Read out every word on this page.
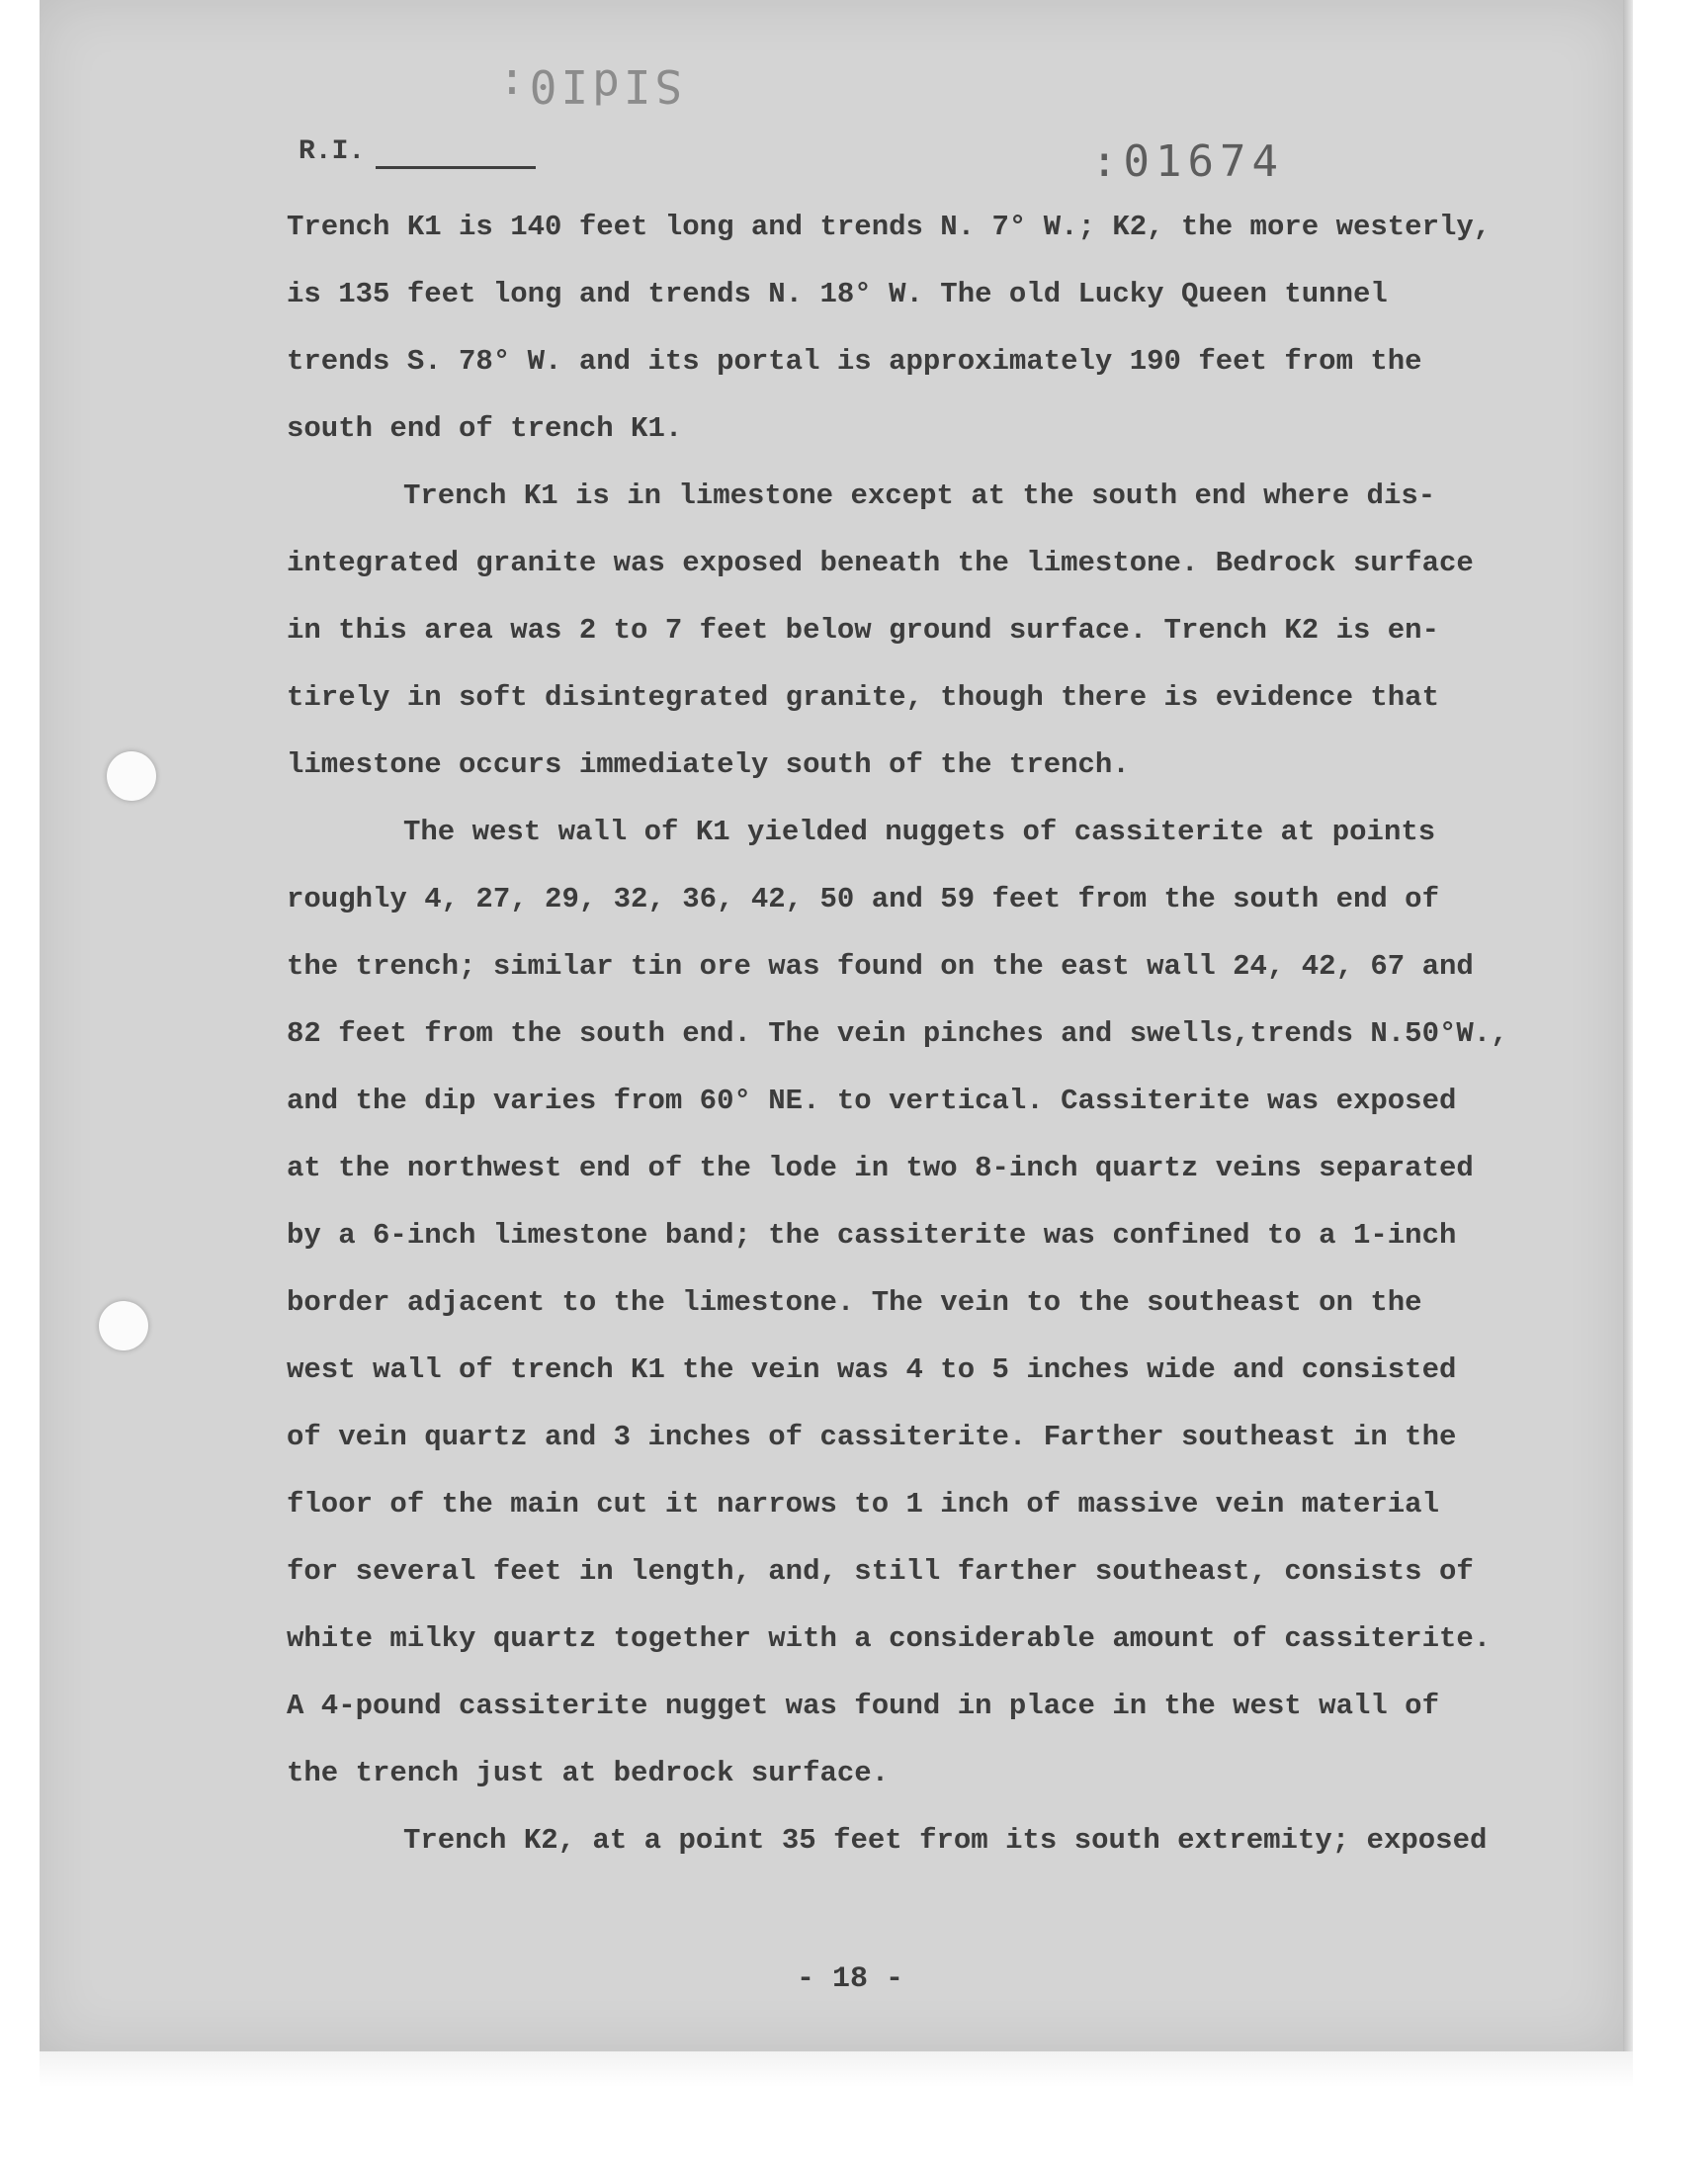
SIdI0:
:01674
R.I.

Trench K1 is 140 feet long and trends N. 7° W.; K2, the more westerly,

is 135 feet long and trends N. 18° W. The old Lucky Queen tunnel

trends S. 78° W. and its portal is approximately 190 feet from the

south end of trench K1.

Trench K1 is in limestone except at the south end where dis-

integrated granite was exposed beneath the limestone. Bedrock surface

in this area was 2 to 7 feet below ground surface. Trench K2 is en-

tirely in soft disintegrated granite, though there is evidence that

limestone occurs immediately south of the trench.

The west wall of K1 yielded nuggets of cassiterite at points

roughly 4, 27, 29, 32, 36, 42, 50 and 59 feet from the south end of

the trench; similar tin ore was found on the east wall 24, 42, 67 and

82 feet from the south end. The vein pinches and swells,trends N.50°W.,

and the dip varies from 60° NE. to vertical. Cassiterite was exposed

at the northwest end of the lode in two 8-inch quartz veins separated

by a 6-inch limestone band; the cassiterite was confined to a 1-inch

border adjacent to the limestone. The vein to the southeast on the

west wall of trench K1 the vein was 4 to 5 inches wide and consisted

of vein quartz and 3 inches of cassiterite. Farther southeast in the

floor of the main cut it narrows to 1 inch of massive vein material

for several feet in length, and, still farther southeast, consists of

white milky quartz together with a considerable amount of cassiterite.

A 4-pound cassiterite nugget was found in place in the west wall of

the trench just at bedrock surface.

Trench K2, at a point 35 feet from its south extremity; exposed

- 18 -
